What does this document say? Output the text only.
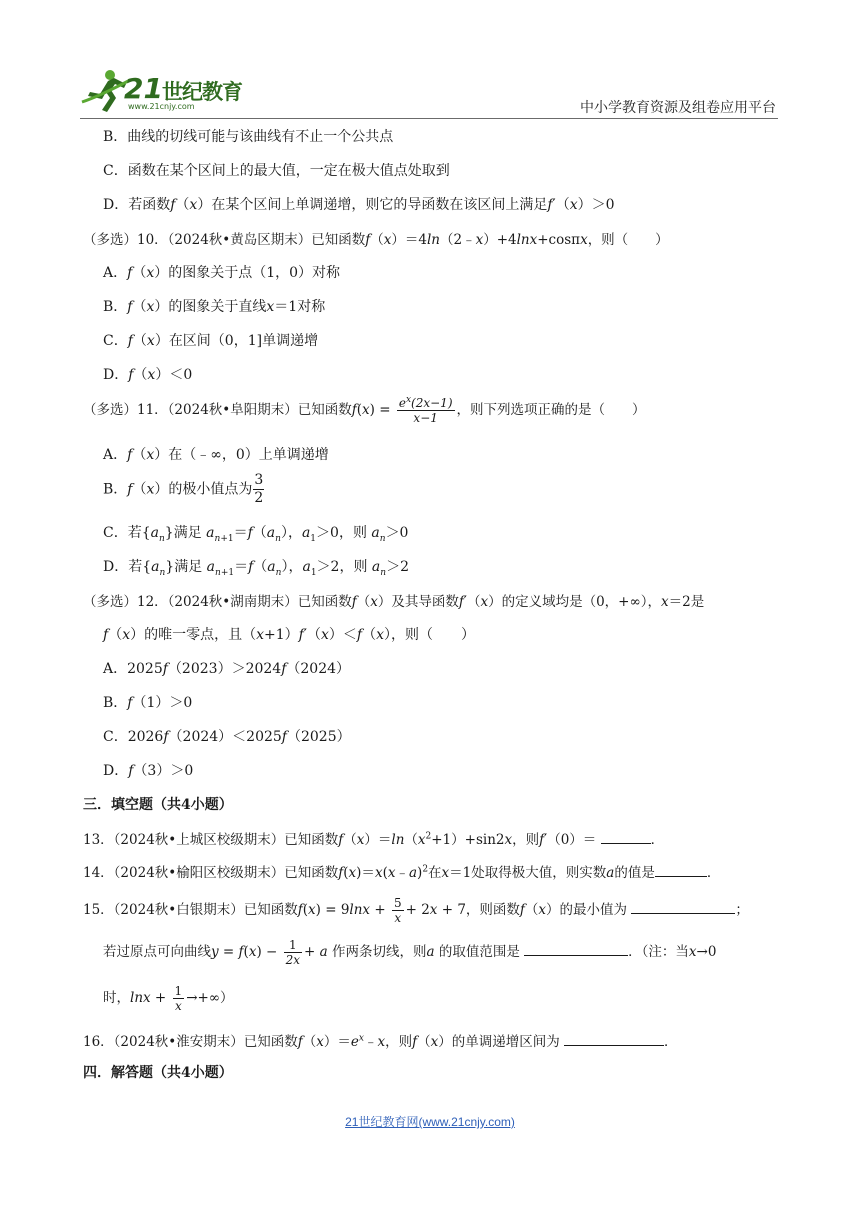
21 世纪教育
www.21cnjy.com	中小学教育资源及组卷应用平台
B．曲线的切线可能与该曲线有不止一个公共点
C．函数在某个区间上的最大值，一定在极大值点处取到
D．若函数f（x）在某个区间上单调递增，则它的导函数在该区间上满足f′（x）＞0
（多选）10．（2024秋•黄岛区期末）已知函数f（x）＝4ln（2﹣x）+4lnx+cosπx，则（　　）
A．f（x）的图象关于点（1，0）对称
B．f（x）的图象关于直线x＝1对称
C．f（x）在区间（0，1]单调递增
D．f（x）＜0
（多选）11．（2024秋•阜阳期末）已知函数$f(x) = \frac{e^x(2x-1)}{x-1}$ ，则下列选项正确的是（　　）
A．f（x）在（﹣∞，0）上单调递增
B．f（x）的极小值点为 $\frac{3}{2}$
C．若$\{a_n\}$满足 $a_{n+1}=f(a_n)$，$a_1>0$，则 $a_n>0$
D．若$\{a_n\}$满足 $a_{n+1}=f(a_n)$，$a_1>2$，则 $a_n>2$
（多选）12．（2024秋•湖南期末）已知函数f（x）及其导函数f′（x）的定义域均是（0，+∞），x＝2是
f（x）的唯一零点，且（x+1）f′（x）＜f（x），则（　　）
A．2025f（2023）＞2024f（2024）
B．f（1）＞0
C．2026f（2024）＜2025f（2025）
D．f（3）＞0
三．填空题（共4小题）
13．（2024秋•上城区校级期末）已知函数$f(x)=\ln(x^2+1)+\sin 2x$，则f′（0）＝	．
14．（2024秋•榆阳区校级期末）已知函数f(x)＝x(x﹣a)$^2$在x＝1处取得极大值，则实数a的值是	．
15．（2024秋•白银期末）已知函数$f(x) = 9\ln x + \frac{5}{x} + 2x + 7$，则函数f（x）的最小值为	；
若过原点可向曲线$y = f(x) - \frac{1}{2x} + a$ 作两条切线，则a 的取值范围是	．（注：当x→0
时，$\ln x + \frac{1}{x}$ →+∞）
16．（2024秋•淮安期末）已知函数$f(x)=e^x﹣x$，则f（x）的单调递增区间为	．
四．解答题（共4小题）
21世纪教育网(www.21cnjy.com)
